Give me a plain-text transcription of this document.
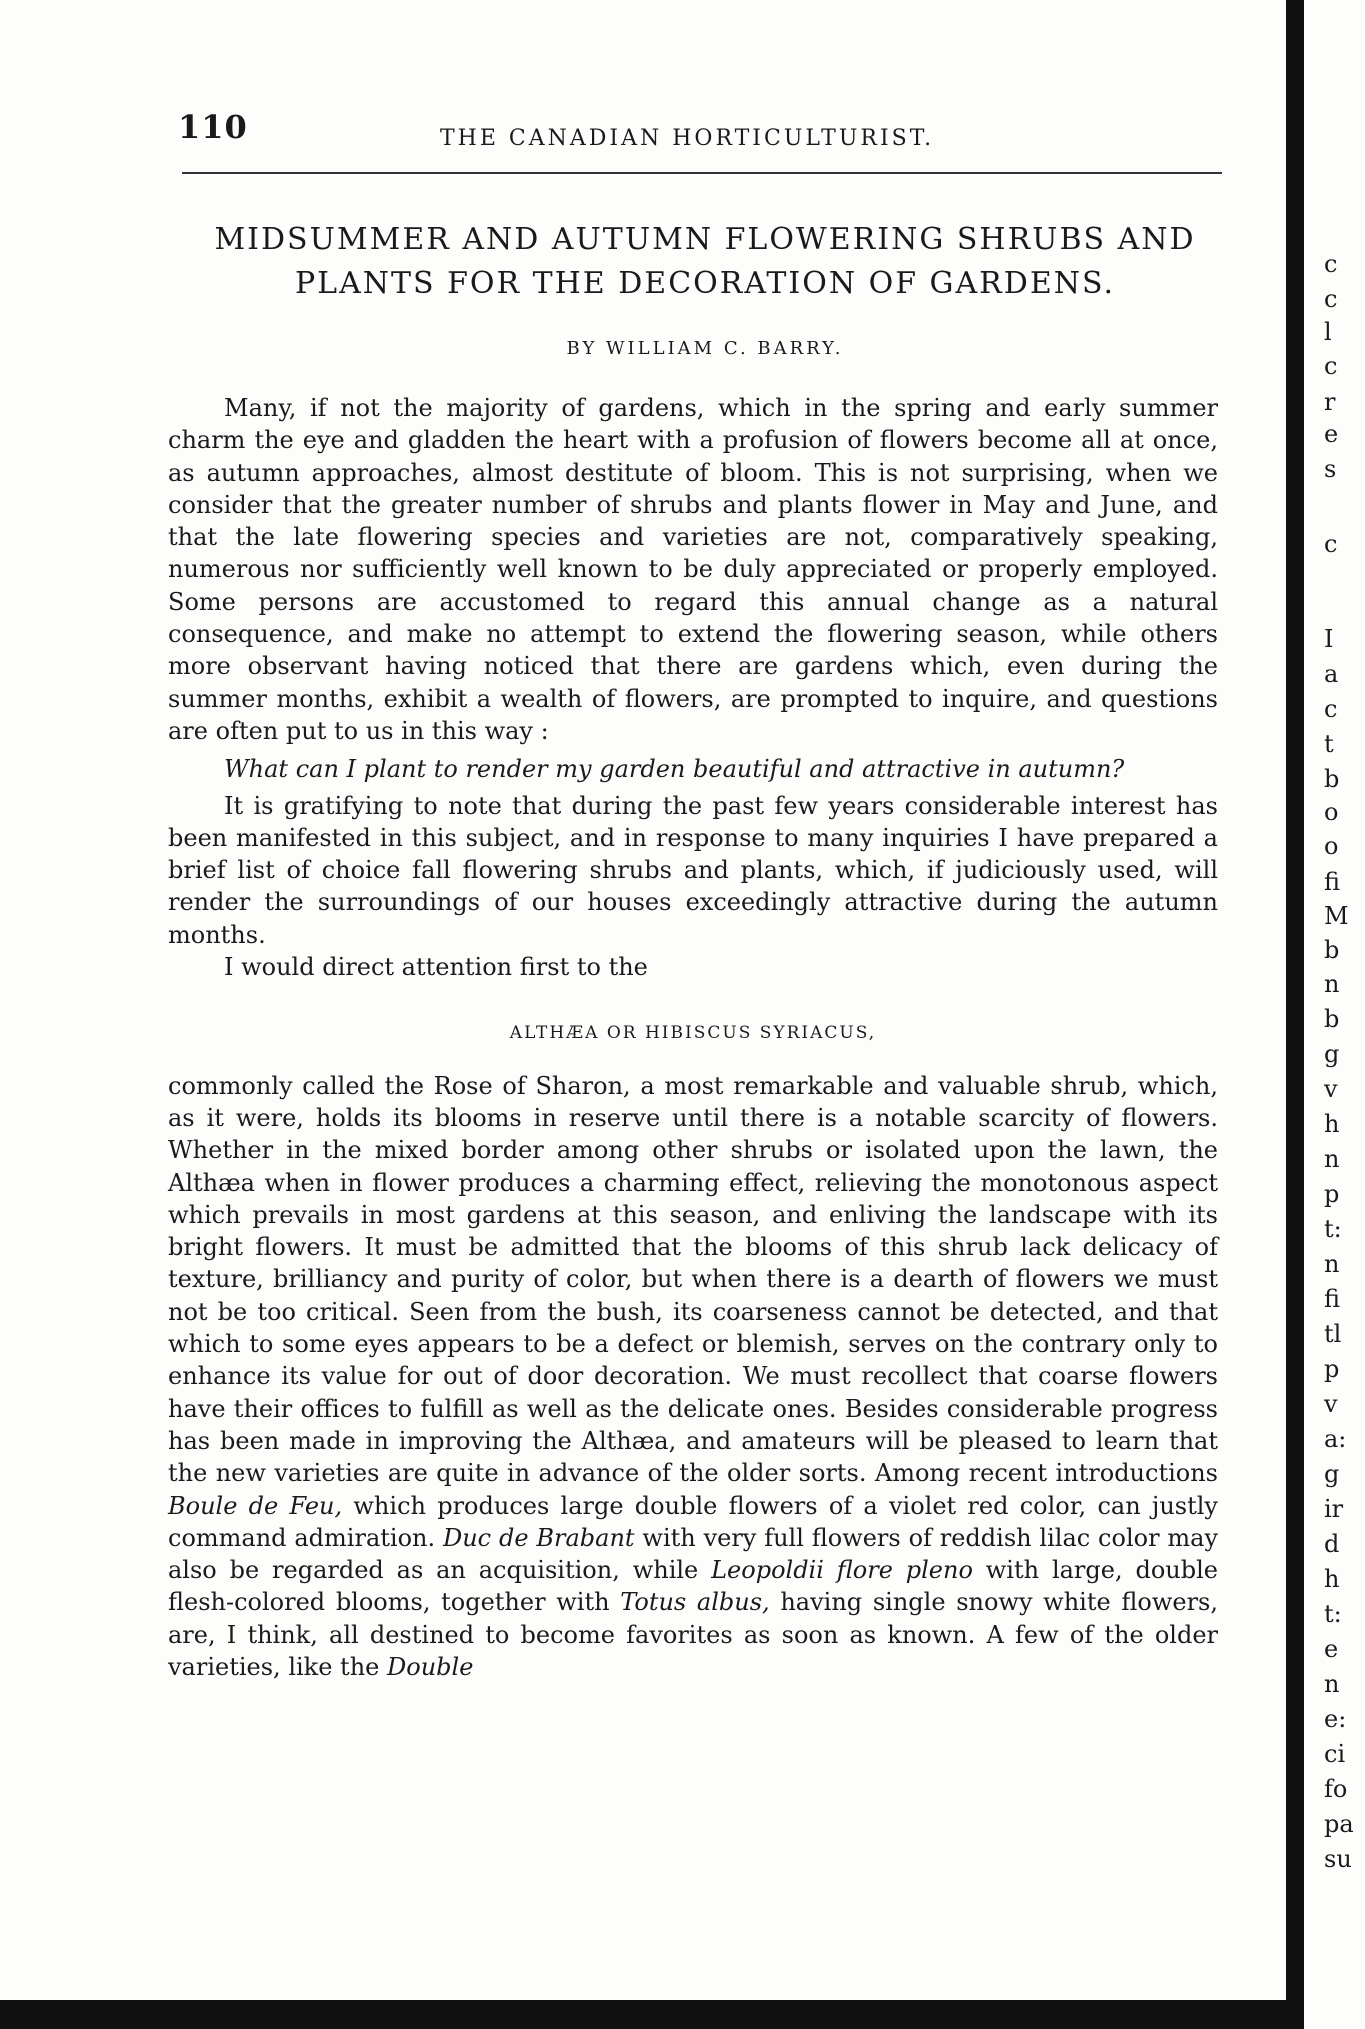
110	THE CANADIAN HORTICULTURIST.
MIDSUMMER AND AUTUMN FLOWERING SHRUBS AND
PLANTS FOR THE DECORATION OF GARDENS.
BY WILLIAM C. BARRY.

Many, if not the majority of gardens, which in the spring and early summer charm the eye and gladden the heart with a profusion of flowers become all at once, as autumn approaches, almost destitute of bloom. This is not surprising, when we consider that the greater number of shrubs and plants flower in May and June, and that the late flowering species and varieties are not, comparatively speaking, numerous nor sufficiently well known to be duly appreciated or properly employed. Some persons are accustomed to regard this annual change as a natural consequence, and make no attempt to extend the flowering season, while others more observant having noticed that there are gardens which, even during the summer months, exhibit a wealth of flowers, are prompted to inquire, and questions are often put to us in this way :

What can I plant to render my garden beautiful and attractive in autumn?

It is gratifying to note that during the past few years considerable interest has been manifested in this subject, and in response to many inquiries I have prepared a brief list of choice fall flowering shrubs and plants, which, if judiciously used, will render the surroundings of our houses exceedingly attractive during the autumn months.

I would direct attention first to the

ALTHÆA OR HIBISCUS SYRIACUS,

commonly called the Rose of Sharon, a most remarkable and valuable shrub, which, as it were, holds its blooms in reserve until there is a notable scarcity of flowers. Whether in the mixed border among other shrubs or isolated upon the lawn, the Althæa when in flower produces a charming effect, relieving the monotonous aspect which prevails in most gardens at this season, and enliving the landscape with its bright flowers. It must be admitted that the blooms of this shrub lack delicacy of texture, brilliancy and purity of color, but when there is a dearth of flowers we must not be too critical. Seen from the bush, its coarseness cannot be detected, and that which to some eyes appears to be a defect or blemish, serves on the contrary only to enhance its value for out of door decoration. We must recollect that coarse flowers have their offices to fulfill as well as the delicate ones. Besides considerable progress has been made in improving the Althæa, and amateurs will be pleased to learn that the new varieties are quite in advance of the older sorts. Among recent introductions Boule de Feu, which produces large double flowers of a violet red color, can justly command admiration. Duc de Brabant with very full flowers of reddish lilac color may also be regarded as an acquisition, while Leopoldii flore pleno with large, double flesh-colored blooms, together with Totus albus, having single snowy white flowers, are, I think, all destined to become favorites as soon as known. A few of the older varieties, like the Double

c
c
l
c
r
e
s
c
I
a
c
t
b
o
o
fi
M
b
n
b
g
v
h
n
p
t:
n
fi
tl
p
v
a:
g
ir
d
h
t:
e
n
e:
ci
fo
pa
su
